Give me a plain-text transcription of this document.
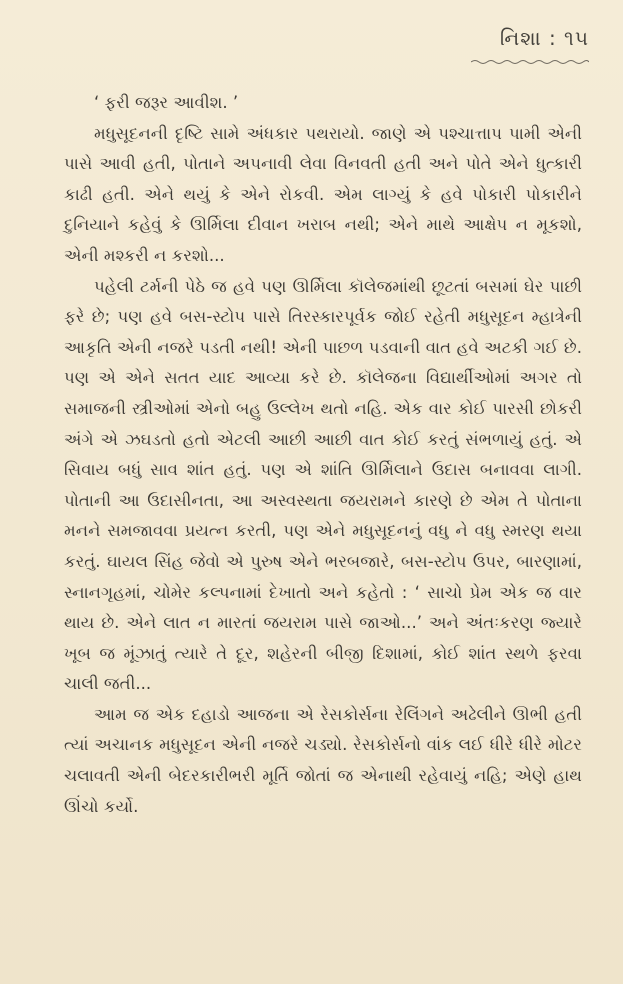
નિશા : ૧૫

‘ ફરી જરૂર આવીશ. ’

મધુસૂદનની દૃષ્ટિ સામે અંધકાર પથરાયો. જાણે એ પશ્ચાત્તાપ પામી એની પાસે આવી હતી, પોતાને અપનાવી લેવા વિનવતી હતી અને પોતે એને ધુત્કારી કાઢી હતી. એને થયું કે એને રોકવી. એમ લાગ્યું કે હવે પોકારી પોકારીને દુનિયાને કહેવું કે ઊર્મિલા દીવાન ખરાબ નથી; એને માથે આક્ષેપ ન મૂકશો, એની મશ્કરી ન કરશો...

પહેલી ટર્મની પેઠે જ હવે પણ ઊર્મિલા કૉલેજમાંથી છૂટતાં બસમાં ઘેર પાછી ફરે છે; પણ હવે બસ-સ્ટોપ પાસે તિરસ્કારપૂર્વક જોઈ રહેતી મધુસૂદન મ્હાત્રેની આકૃતિ એની નજરે પડતી નથી! એની પાછળ પડવાની વાત હવે અટકી ગઈ છે. પણ એ એને સતત યાદ આવ્યા કરે છે. કૉલેજના વિદ્યાર્થીઓમાં અગર તો સમાજની સ્ત્રીઓમાં એનો બહુ ઉલ્લેખ થતો નહિ. એક વાર કોઈ પારસી છોકરી અંગે એ ઝઘડતો હતો એટલી આછી આછી વાત કોઈ કરતું સંભળાયું હતું. એ સિવાય બધું સાવ શાંત હતું. પણ એ શાંતિ ઊર્મિલાને ઉદાસ બનાવવા લાગી. પોતાની આ ઉદાસીનતા, આ અસ્વસ્થતા જયરામને કારણે છે એમ તે પોતાના મનને સમજાવવા પ્રયત્ન કરતી, પણ એને મધુસૂદનનું વધુ ને વધુ સ્મરણ થયા કરતું. ઘાયલ સિંહ જેવો એ પુરુષ એને ભરબજારે, બસ-સ્ટોપ ઉપર, બારણામાં, સ્નાનગૃહમાં, ચોમેર કલ્પનામાં દેખાતો અને કહેતો : ‘ સાચો પ્રેમ એક જ વાર થાય છે. એને લાત ન મારતાં જયરામ પાસે જાઓ...’ અને અંતઃકરણ જ્યારે ખૂબ જ મૂંઝાતું ત્યારે તે દૂર, શહેરની બીજી દિશામાં, કોઈ શાંત સ્થળે ફરવા ચાલી જતી...

આમ જ એક દહાડો આજના એ રેસકોર્સના રેલિંગને અઢેલીને ઊભી હતી ત્યાં અચાનક મધુસૂદન એની નજરે ચડ્યો. રેસકોર્સનો વાંક લઈ ધીરે ધીરે મોટર ચલાવતી એની બેદરકારીભરી મૂર્તિ જોતાં જ એનાથી રહેવાયું નહિ; એણે હાથ ઊંચો કર્યો.
